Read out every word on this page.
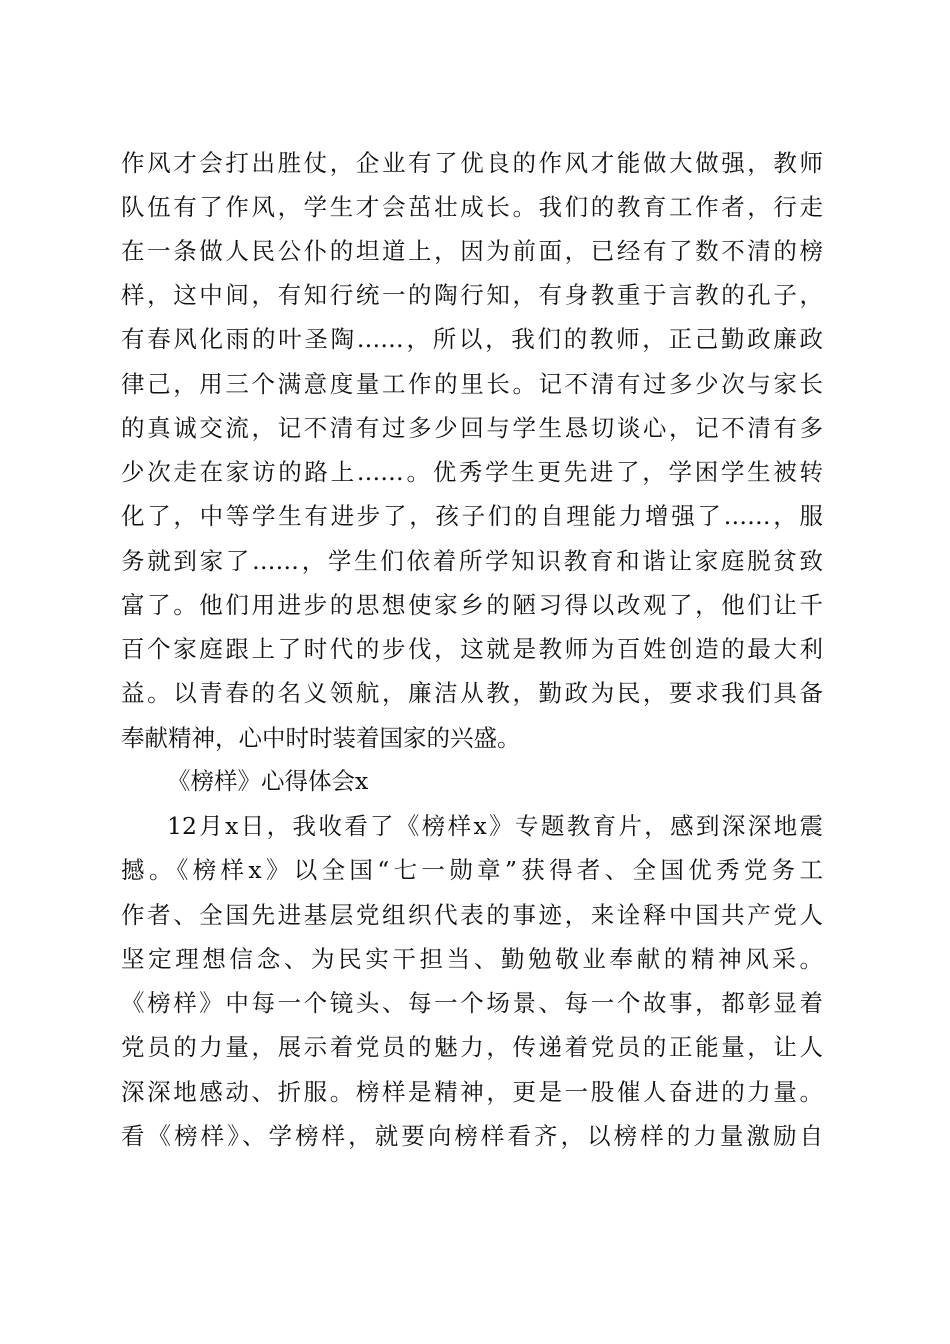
作风才会打出胜仗，企业有了优良的作风才能做大做强，教师
队伍有了作风，学生才会茁壮成长。我们的教育工作者，行走
在一条做人民公仆的坦道上，因为前面，已经有了数不清的榜
样，这中间，有知行统一的陶行知，有身教重于言教的孔子，
有春风化雨的叶圣陶……，所以，我们的教师，正己勤政廉政
律己，用三个满意度量工作的里长。记不清有过多少次与家长
的真诚交流，记不清有过多少回与学生恳切谈心，记不清有多
少次走在家访的路上……。优秀学生更先进了，学困学生被转
化了，中等学生有进步了，孩子们的自理能力增强了……，服
务就到家了……，学生们依着所学知识教育和谐让家庭脱贫致
富了。他们用进步的思想使家乡的陋习得以改观了，他们让千
百个家庭跟上了时代的步伐，这就是教师为百姓创造的最大利
益。以青春的名义领航，廉洁从教，勤政为民，要求我们具备
奉献精神，心中时时装着国家的兴盛。
《榜样》心得体会x
12月x日，我收看了《榜样x》专题教育片，感到深深地震
撼。《榜样x》以全国“七一勋章”获得者、全国优秀党务工
作者、全国先进基层党组织代表的事迹，来诠释中国共产党人
坚定理想信念、为民实干担当、勤勉敬业奉献的精神风采。
《榜样》中每一个镜头、每一个场景、每一个故事，都彰显着
党员的力量，展示着党员的魅力，传递着党员的正能量，让人
深深地感动、折服。榜样是精神，更是一股催人奋进的力量。
看《榜样》、学榜样，就要向榜样看齐，以榜样的力量激励自
